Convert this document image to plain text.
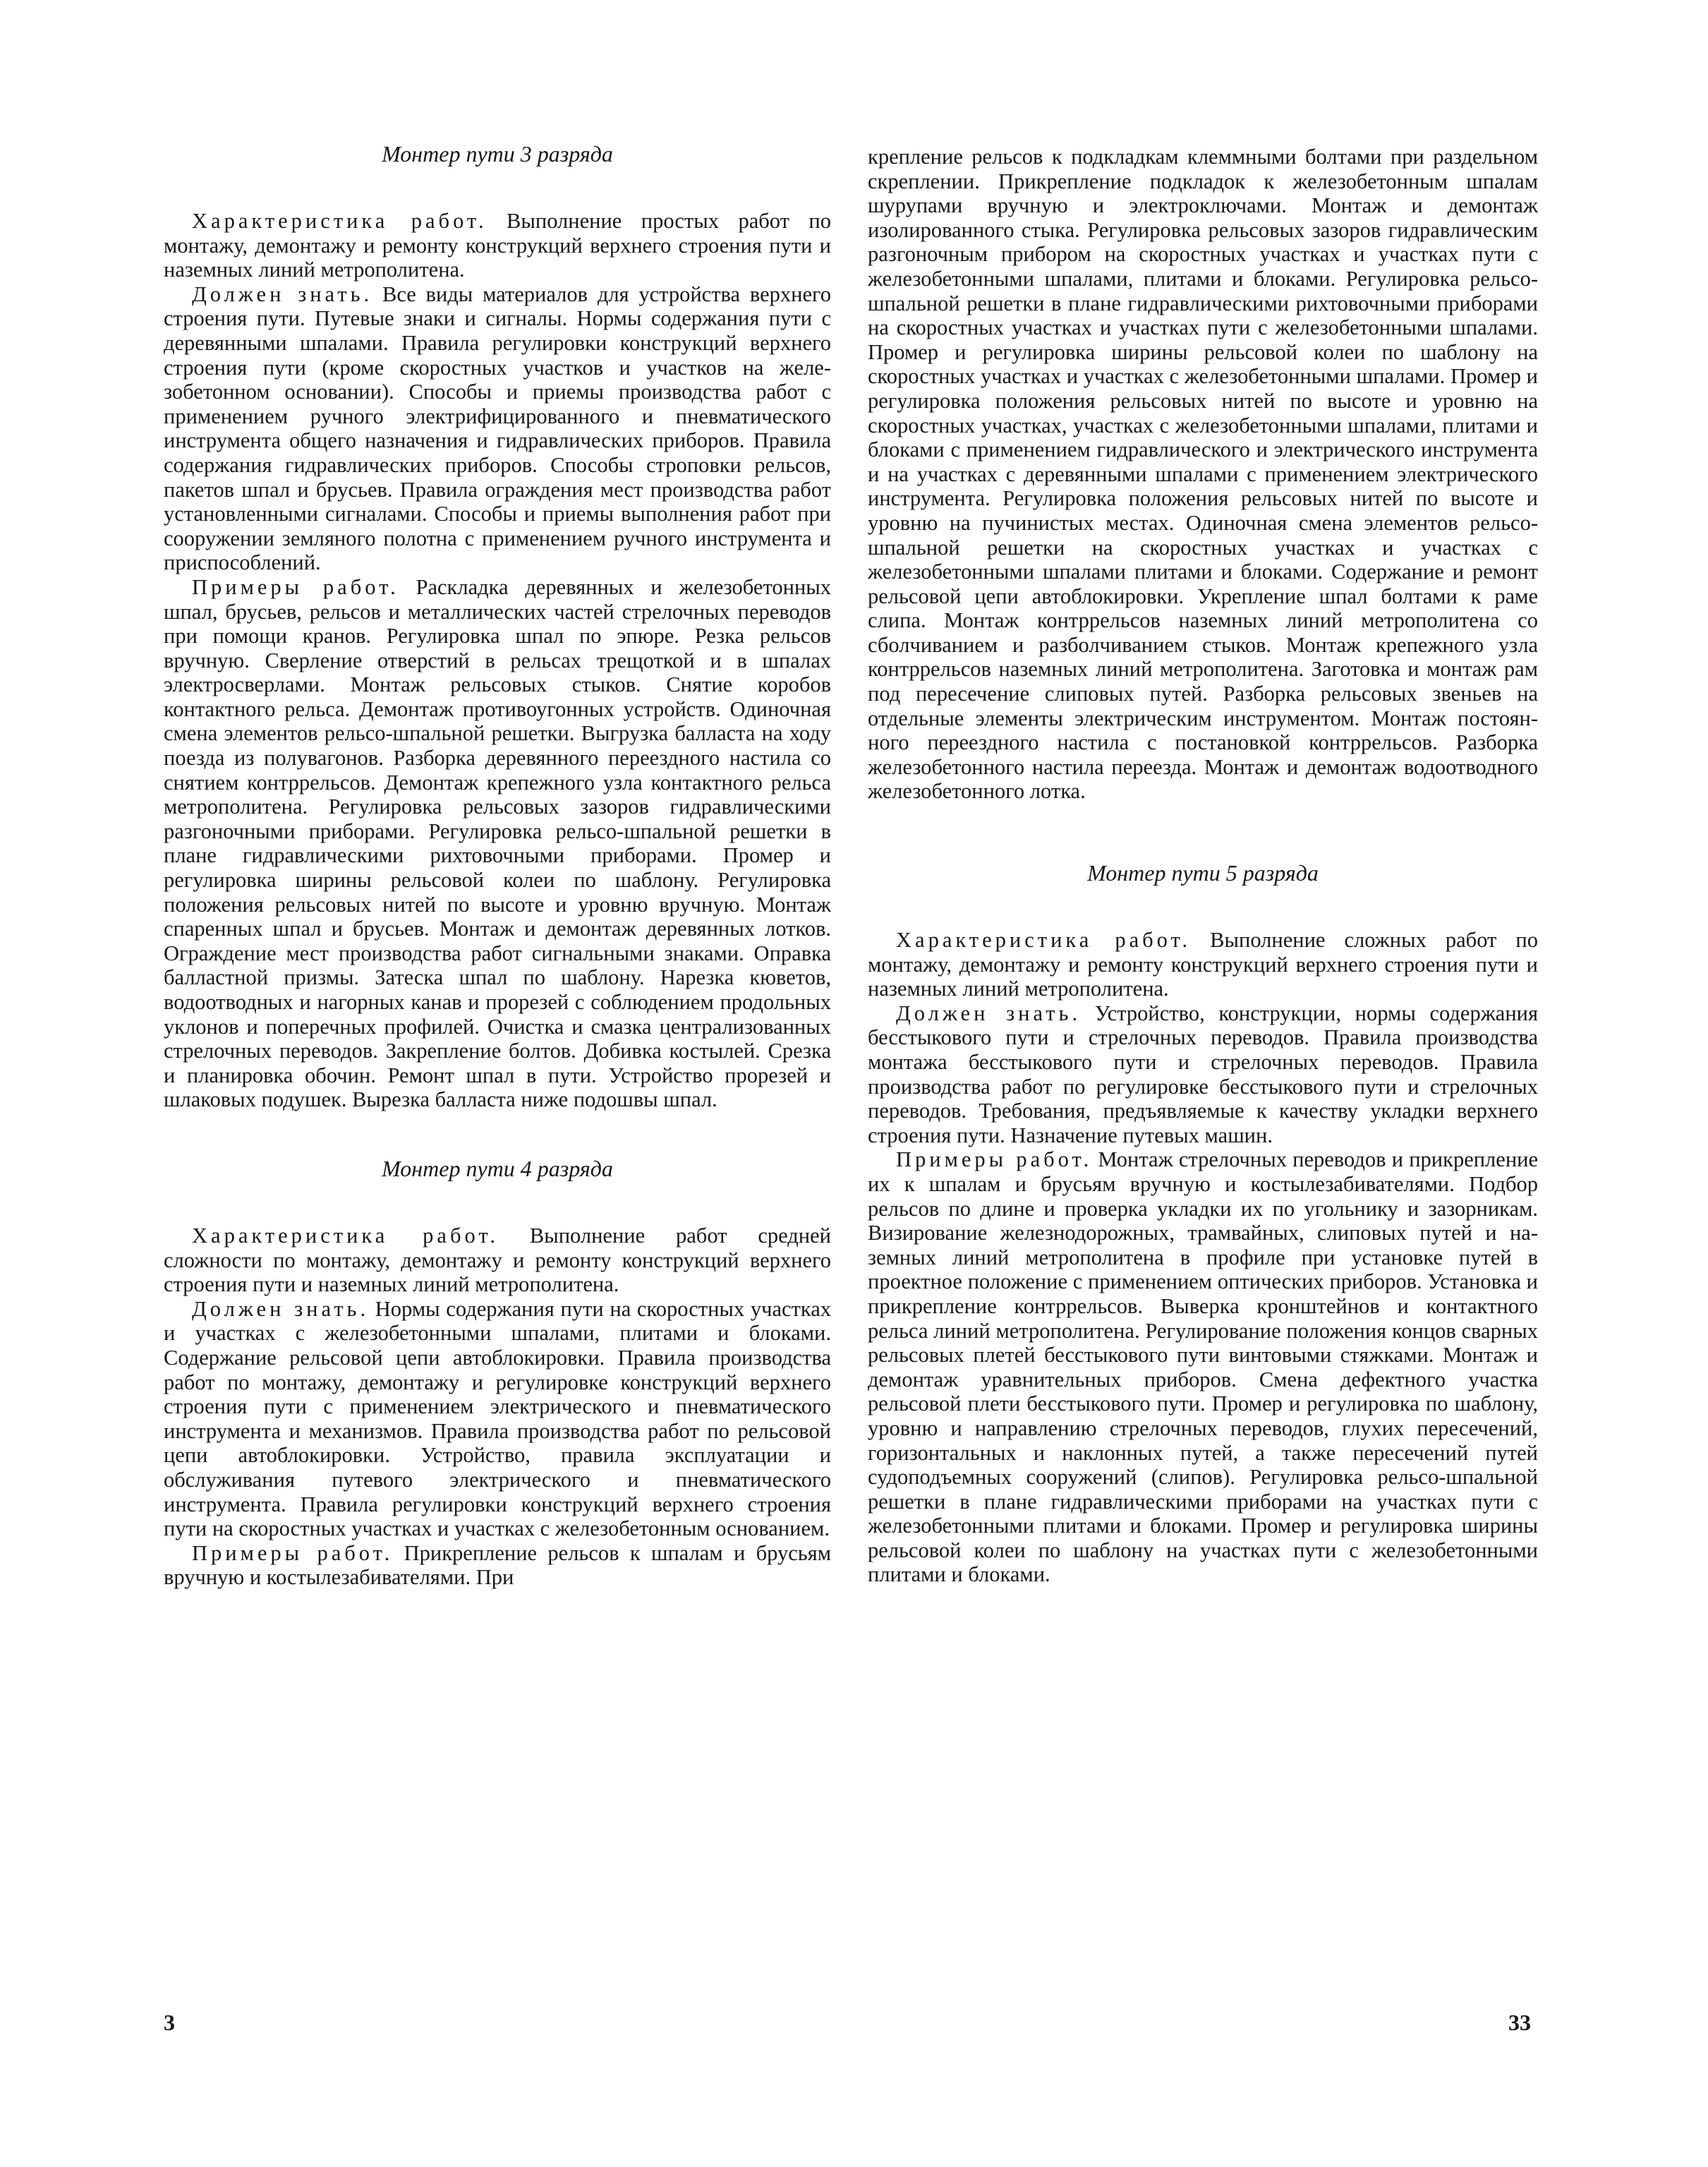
Монтер пути 3 разряда

Характеристика работ. Выполнение простых работ по монтажу, демонтажу и ремонту конструкций верхнего строения пути и наземных линий метрополитена.

Должен знать. Все виды материалов для устройства верхнего строения пути. Путевые знаки и сигналы. Нормы содержания пути с деревянными шпалами. Правила регулировки конструкций верхнего строения пути (кроме скоростных участков и участков на железобетонном основании). Способы и приемы производства работ с применением ручного электрифицированного и пневматического инструмента общего назначения и гидравлических приборов. Правила содержания гидравлических приборов. Способы строповки рельсов, пакетов шпал и брусьев. Правила ограждения мест производства работ установленными сигналами. Способы и приемы выполнения работ при сооружении земляного полотна с применением ручного инструмента и приспособлений.

Примеры работ. Раскладка деревянных и железобетонных шпал, брусьев, рельсов и металлических частей стрелочных переводов при помощи кранов. Регулировка шпал по эпюре. Резка рельсов вручную. Сверление отверстий в рельсах трещоткой и в шпалах электросверлами. Монтаж рельсовых стыков. Снятие коробов контактного рельса. Демонтаж противоугонных устройств. Одиночная смена элементов рельсо-шпальной решетки. Выгрузка балласта на ходу поезда из полувагонов. Разборка деревянного переездного настила со снятием контррельсов. Демонтаж крепежного узла контактного рельса метрополитена. Регулировка рельсовых зазоров гидравлическими разгоночными приборами. Регулировка рельсо-шпальной решетки в плане гидравлическими рихтовочными приборами. Промер и регулировка ширины рельсовой колеи по шаблону. Регулировка положения рельсовых нитей по высоте и уровню вручную. Монтаж спаренных шпал и брусьев. Монтаж и демонтаж деревянных лотков. Ограждение мест производства работ сигнальными знаками. Оправка балластной призмы. Затеска шпал по шаблону. Нарезка кюветов, водоотводных и нагорных канав и прорезей с соблюдением продольных уклонов и поперечных профилей. Очистка и смазка централизованных стрелочных переводов. Закрепление болтов. Добивка костылей. Срезка и планировка обочин. Ремонт шпал в пути. Устройство прорезей и шлаковых подушек. Вырезка балласта ниже подошвы шпал.

Монтер пути 4 разряда

Характеристика работ. Выполнение работ средней сложности по монтажу, демонтажу и ремонту конструкций верхнего строения пути и наземных линий метрополитена.

Должен знать. Нормы содержания пути на скоростных участках и участках с железобетонными шпалами, плитами и блоками. Содержание рельсовой цепи автоблокировки. Правила производства работ по монтажу, демонтажу и регулировке конструкций верхнего строения пути с применением электрического и пневматического инструмента и механизмов. Правила производства работ по рельсовой цепи автоблокировки. Устройство, правила эксплуатации и обслуживания путевого электрического и пневматического инструмента. Правила регулировки конструкций верхнего строения пути на скоростных участках и участках с железобетонным основанием.

Примеры работ. Прикрепление рельсов к шпалам и брусьям вручную и костылезабивателями. При

крепление рельсов к подкладкам клеммными болтами при раздельном скреплении. Прикрепление подкладок к железобетонным шпалам шурупами вручную и электроключами. Монтаж и демонтаж изолированного стыка. Регулировка рельсовых зазоров гидравлическим разгоночным прибором на скоростных участках и участках пути с железобетонными шпалами, плитами и блоками. Регулировка рельсо-шпальной решетки в плане гидравлическими рихтовочными приборами на скоростных участках и участках пути с железобетонными шпалами. Промер и регулировка ширины рельсовой колеи по шаблону на скоростных участках и участках с железобетонными шпалами. Промер и регулировка положения рельсовых нитей по высоте и уровню на скоростных участках, участках с железобетонными шпалами, плитами и блоками с применением гидравлического и электрического инструмента и на участках с деревянными шпалами с применением электрического инструмента. Регулировка положения рельсовых нитей по высоте и уровню на пучинистых местах. Одиночная смена элементов рельсошпальной решетки на скоростных участках и участках с железобетонными шпалами плитами и блоками. Содержание и ремонт рельсовой цепи автоблокировки. Укрепление шпал болтами к раме слипа. Монтаж контррельсов наземных линий метрополитена со сболчиванием и разболчиванием стыков. Монтаж крепежного узла контррельсов наземных линий метрополитена. Заготовка и монтаж рам под пересечение слиповых путей. Разборка рельсовых звеньев на отдельные элементы электрическим инструментом. Монтаж постоянного переездного настила с постановкой контррельсов. Разборка железобетонного настила переезда. Монтаж и демонтаж водоотводного железобетонного лотка.

Монтер пути 5 разряда

Характеристика работ. Выполнение сложных работ по монтажу, демонтажу и ремонту конструкций верхнего строения пути и наземных линий метрополитена.

Должен знать. Устройство, конструкции, нормы содержания бесстыкового пути и стрелочных переводов. Правила производства монтажа бесстыкового пути и стрелочных переводов. Правила производства работ по регулировке бесстыкового пути и стрелочных переводов. Требования, предъявляемые к качеству укладки верхнего строения пути. Назначение путевых машин.

Примеры работ. Монтаж стрелочных переводов и прикрепление их к шпалам и брусьям вручную и костылезабивателями. Подбор рельсов по длине и проверка укладки их по угольнику и зазорникам. Визирование железнодорожных, трамвайных, слиповых путей и наземных линий метрополитена в профиле при установке путей в проектное положение с применением оптических приборов. Установка и прикрепление контррельсов. Выверка кронштейнов и контактного рельса линий метрополитена. Регулирование положения концов сварных рельсовых плетей бесстыкового пути винтовыми стяжками. Монтаж и демонтаж уравнительных приборов. Смена дефектного участка рельсовой плети бесстыкового пути. Промер и регулировка по шаблону, уровню и направлению стрелочных переводов, глухих пересечений, горизонтальных и наклонных путей, а также пересечений путей судоподъемных сооружений (слипов). Регулировка рельсо-шпальной решетки в плане гидравлическими приборами на участках пути с железобетонными плитами и блоками. Промер и регулировка ширины рельсовой колеи по шаблону на участках пути с железобетонными плитами и блоками.

3	33
